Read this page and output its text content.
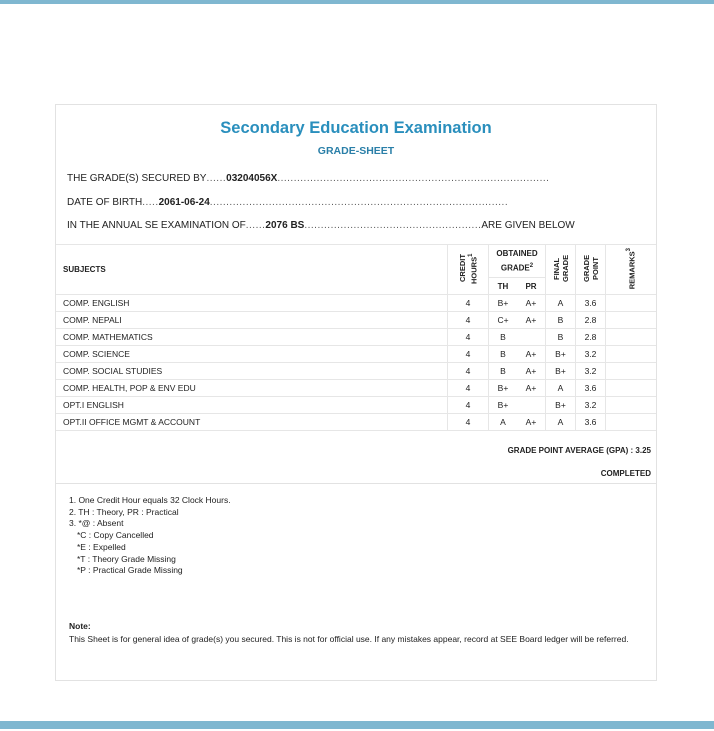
Secondary Education Examination
GRADE-SHEET
THE GRADE(S) SECURED BY......03204056X...................................................................................
DATE OF BIRTH.....2061-06-24...........................................................................................
IN THE ANNUAL SE EXAMINATION OF......2076 BS......................................................ARE GIVEN BELOW
SUBJECTS	CREDIT HOURS$^1$	OBTAINED GRADE$^2$		FINAL GRADE	GRADE POINT	REMARKS$^3$
		TH	PR			
COMP. ENGLISH	4	B+	A+	A	3.6	
COMP. NEPALI	4	C+	A+	B	2.8	
COMP. MATHEMATICS	4	B		B	2.8	
COMP. SCIENCE	4	B	A+	B+	3.2	
COMP. SOCIAL STUDIES	4	B	A+	B+	3.2	
COMP. HEALTH, POP & ENV EDU	4	B+	A+	A	3.6	
OPT.I ENGLISH	4	B+		B+	3.2	
OPT.II OFFICE MGMT & ACCOUNT	4	A	A+	A	3.6	
GRADE POINT AVERAGE (GPA) : 3.25
COMPLETED
1. One Credit Hour equals 32 Clock Hours.
2. TH : Theory, PR : Practical
3. *@ : Absent
*C : Copy Cancelled
*E : Expelled
*T : Theory Grade Missing
*P : Practical Grade Missing
Note:
This Sheet is for general idea of grade(s) you secured. This is not for official use. If any mistakes appear, record at SEE Board ledger will be referred.
